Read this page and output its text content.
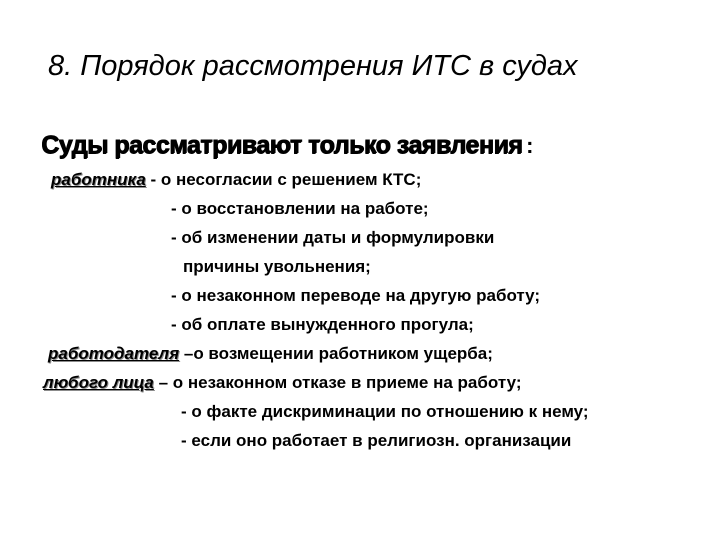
8. Порядок рассмотрения ИТС в судах
Суды рассматривают только заявления :
работника - о несогласии с решением КТС;
- о восстановлении на работе;
- об изменении даты и формулировки
причины увольнения;
- о незаконном переводе на другую работу;
- об оплате вынужденного прогула;
работодателя –о возмещении работником ущерба;
любого лица – о незаконном отказе в приеме на работу;
- о факте дискриминации по отношению к нему;
- если оно работает в религиозн. организации
